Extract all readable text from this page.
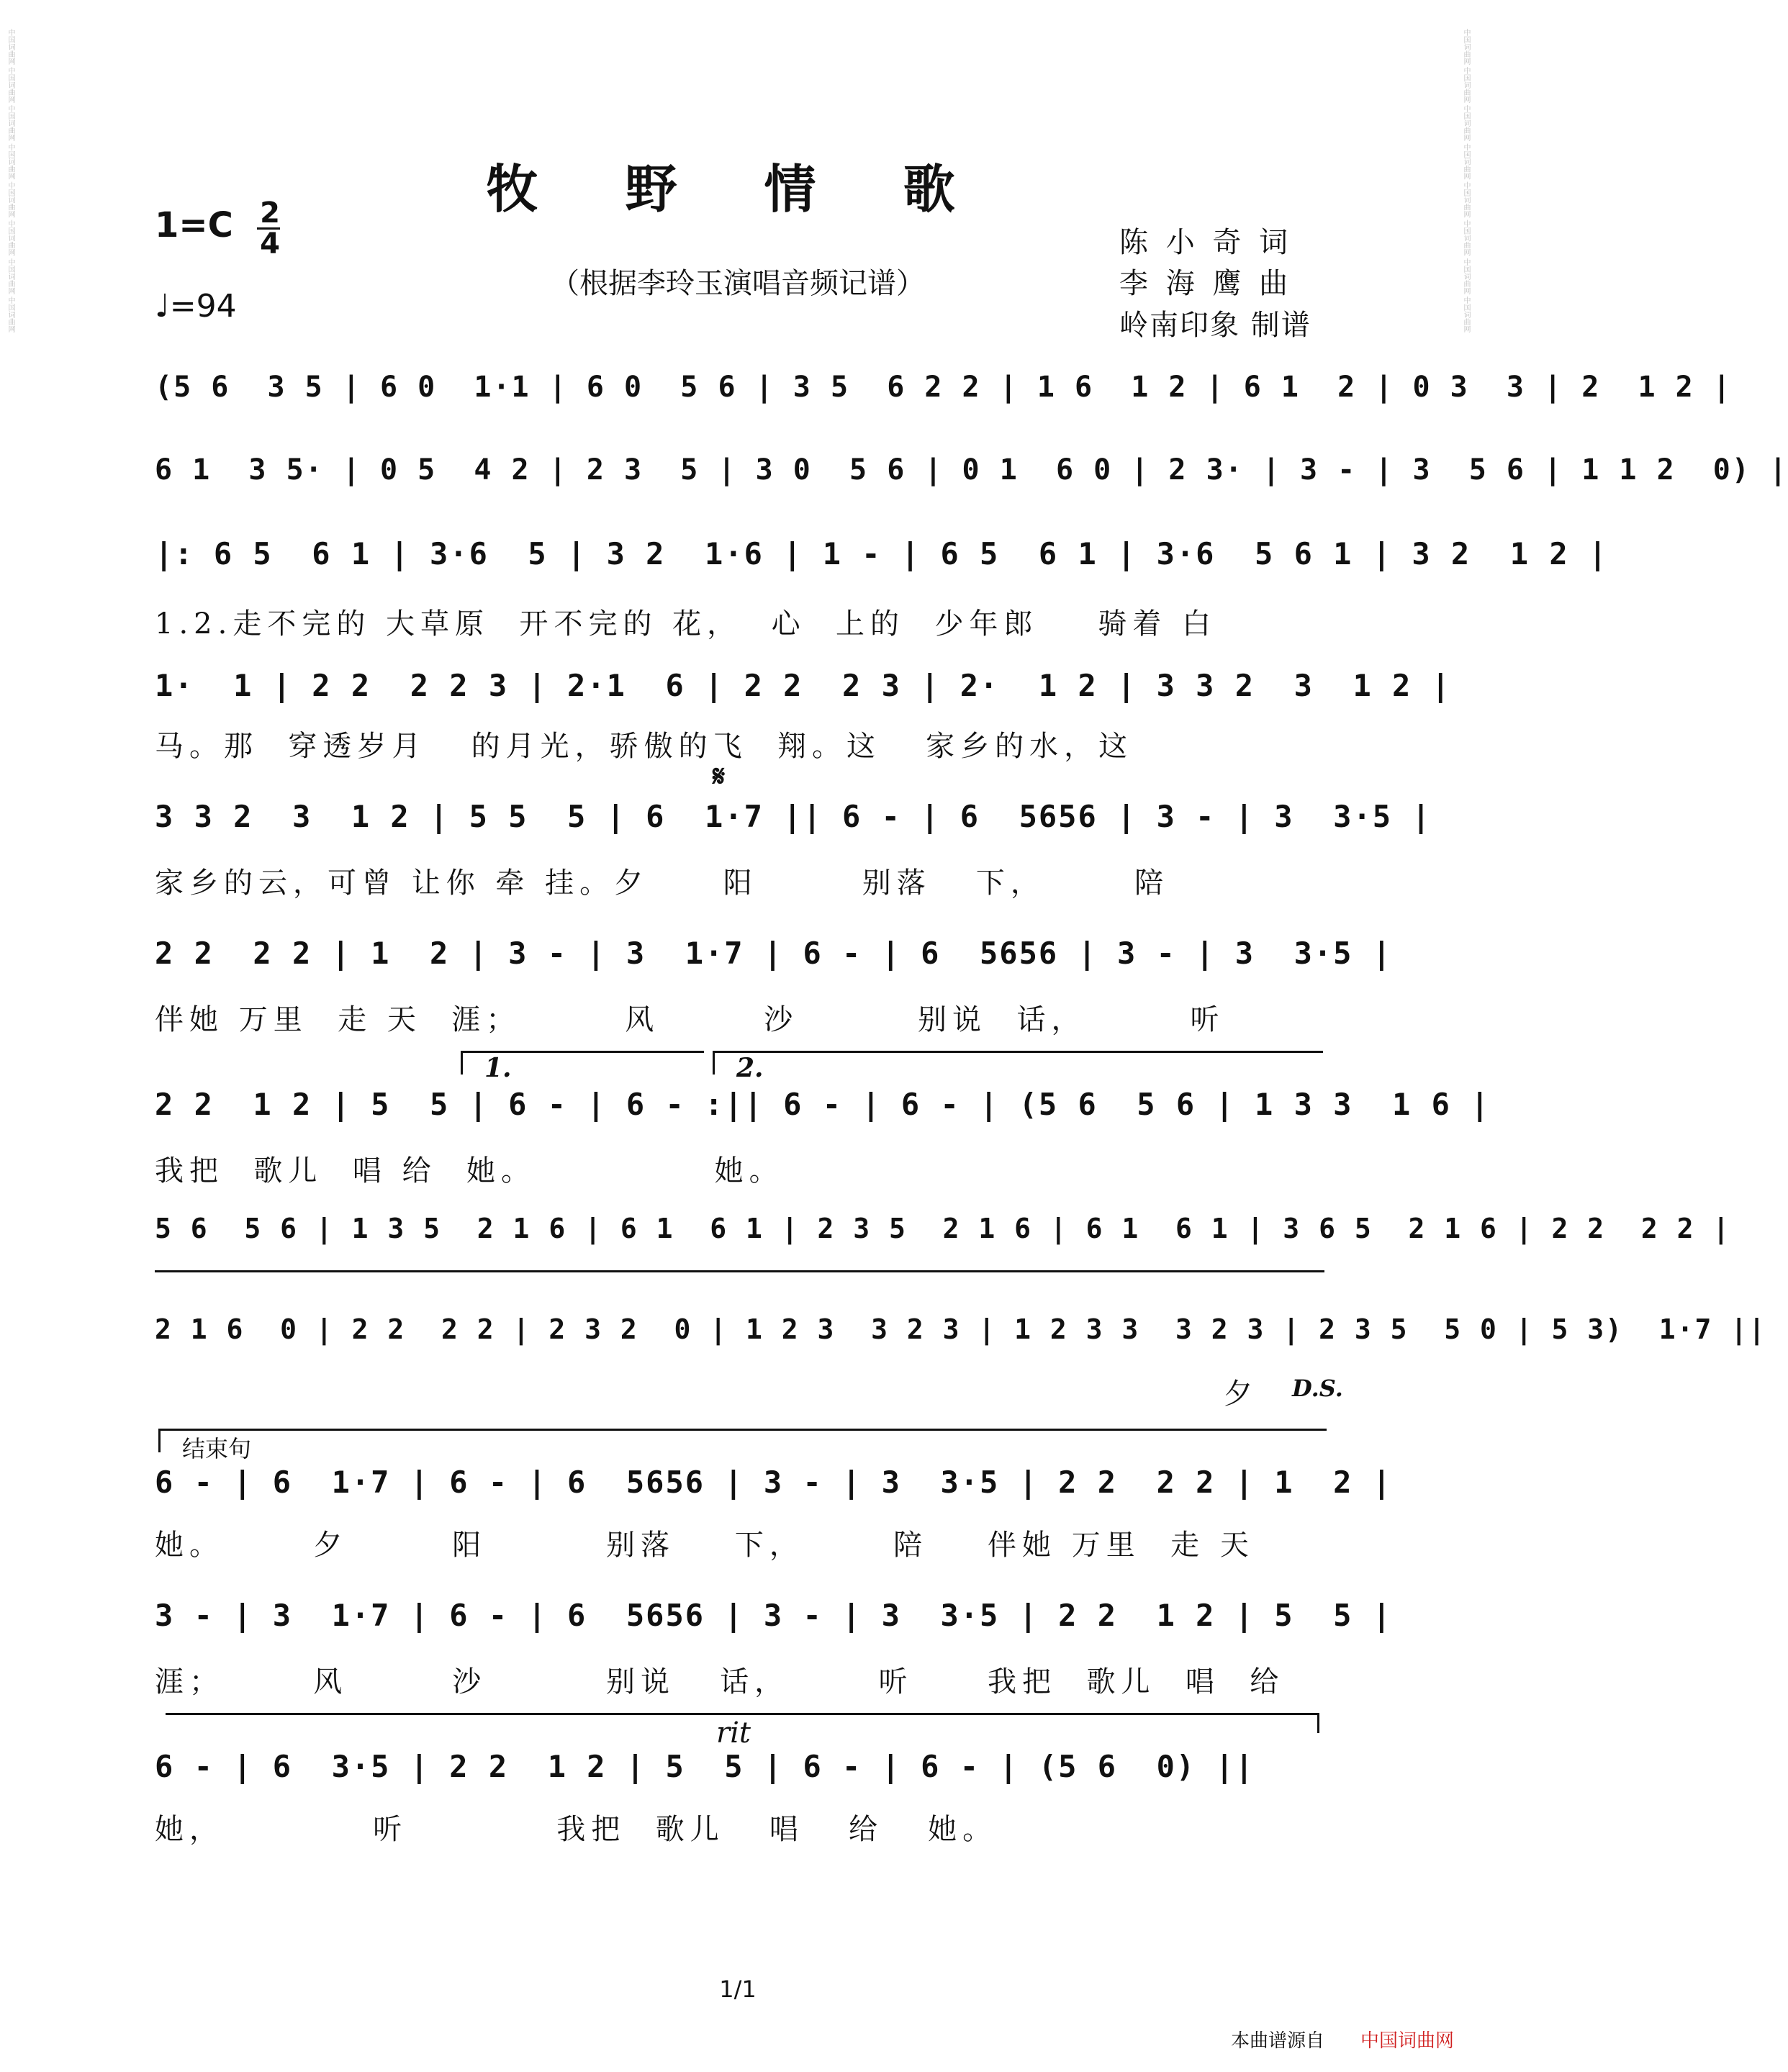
中国词曲网 中国词曲网 中国词曲网 中国词曲网 中国词曲网 中国词曲网 中国词曲网 中国词曲网	中国词曲网 中国词曲网 中国词曲网 中国词曲网 中国词曲网 中国词曲网 中国词曲网 中国词曲网
牧 野 情 歌
1=C 2
4
♩=94
（根据李玲玉演唱音频记谱）
陈 小 奇 词
李 海 鹰 曲
岭南印象 制谱
(5 6  3 5 | 6 0  1·1 | 6 0  5 6 | 3 5  6 2 2 | 1 6  1 2 | 6 1  2 | 0 3  3 | 2  1 2 |
6 1  3 5· | 0 5  4 2 | 2 3  5 | 3 0  5 6 | 0 1  6 0 | 2 3· | 3 - | 3  5 6 | 1 1 2  0) |
|: 6 5  6 1 | 3·6  5 | 3 2  1·6 | 1 - | 6 5  6 1 | 3·6  5 6 1 | 3 2  1 2 |
1.2.走不完的 大草原  开不完的 花，  心  上的  少年郎    骑着 白
1·  1 | 2 2  2 2 3 | 2·1  6 | 2 2  2 3 | 2·  1 2 | 3 3 2  3  1 2 |
马。那  穿透岁月   的月光，骄傲的飞  翔。这   家乡的水，这
𝄋
3 3 2  3  1 2 | 5 5  5 | 6  1·7 || 6 - | 6  5656 | 3 - | 3  3·5 |
家乡的云，可曾 让你 牵 挂。夕     阳       别落   下，      陪
2 2  2 2 | 1  2 | 3 - | 3  1·7 | 6 - | 6  5656 | 3 - | 3  3·5 |
伴她 万里  走 天  涯；       风       沙        别说  话，       听
1.	2.
2 2  1 2 | 5  5 | 6 - | 6 - :|| 6 - | 6 - | (5 6  5 6 | 1 3 3  1 6 |
我把  歌儿  唱 给  她。            她。
5 6  5 6 | 1 3 5  2 1 6 | 6 1  6 1 | 2 3 5  2 1 6 | 6 1  6 1 | 3 6 5  2 1 6 | 2 2  2 2 |
2 1 6  0 | 2 2  2 2 | 2 3 2  0 | 1 2 3  3 2 3 | 1 2 3 3  3 2 3 | 2 3 5  5 0 | 5 3)  1·7 ||
夕 D.S.
结束句
6 - | 6  1·7 | 6 - | 6  5656 | 3 - | 3  3·5 | 2 2  2 2 | 1  2 |
她。      夕       阳        别落    下，      陪    伴她 万里  走 天
3 - | 3  1·7 | 6 - | 6  5656 | 3 - | 3  3·5 | 2 2  1 2 | 5  5 |
涯；      风       沙        别说   话，      听     我把  歌儿  唱  给
rit
6 - | 6  3·5 | 2 2  1 2 | 5  5 | 6 - | 6 - | (5 6  0) ||
她，          听          我把  歌儿   唱   给   她。
1/1
本曲谱源自 中国词曲网
